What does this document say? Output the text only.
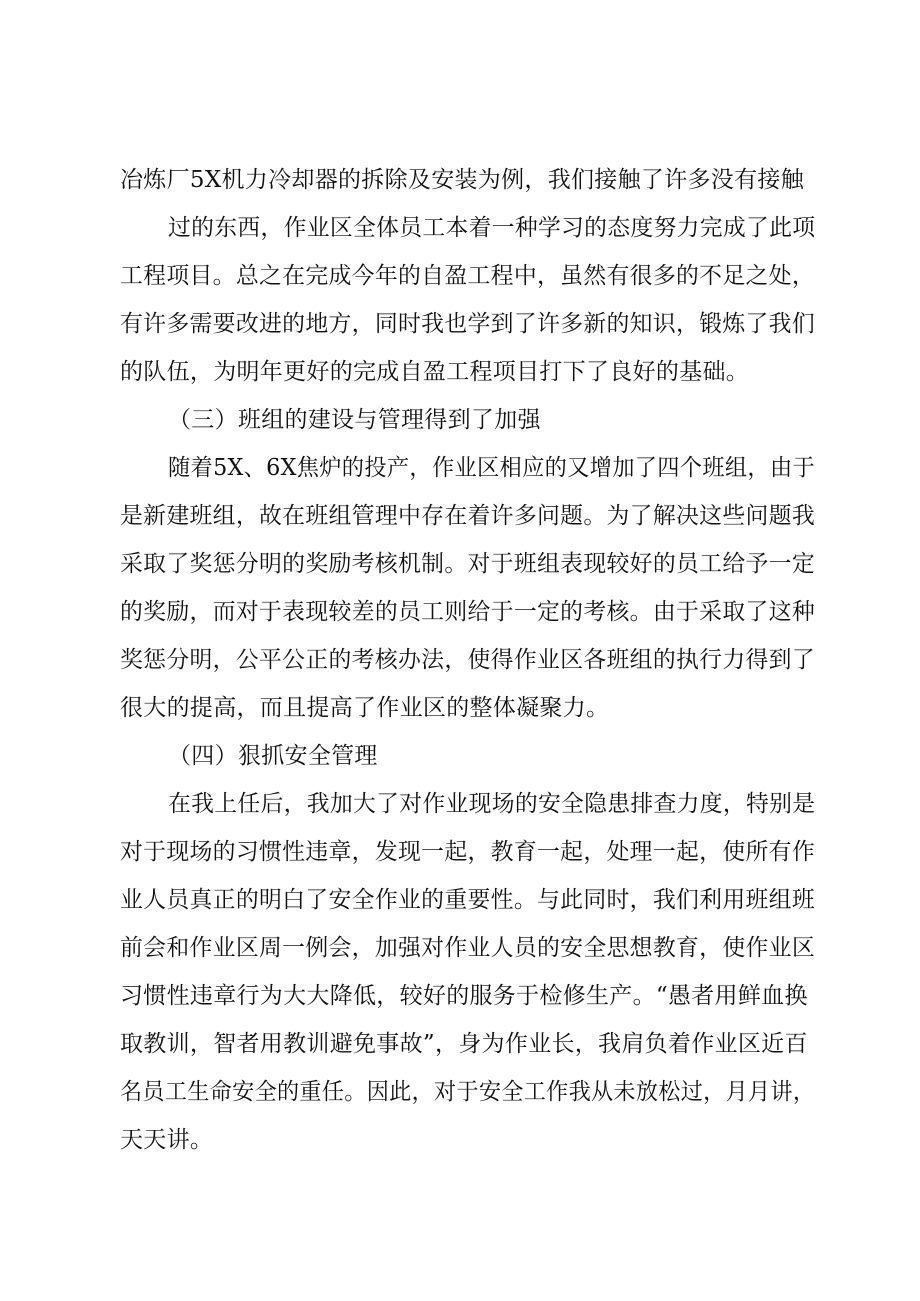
冶炼厂5X机力冷却器的拆除及安装为例，我们接触了许多没有接触
过的东西，作业区全体员工本着一种学习的态度努力完成了此项
工程项目。总之在完成今年的自盈工程中，虽然有很多的不足之处，
有许多需要改进的地方，同时我也学到了许多新的知识，锻炼了我们
的队伍，为明年更好的完成自盈工程项目打下了良好的基础。
（三）班组的建设与管理得到了加强
随着5X、6X焦炉的投产，作业区相应的又增加了四个班组，由于
是新建班组，故在班组管理中存在着许多问题。为了解决这些问题我
采取了奖惩分明的奖励考核机制。对于班组表现较好的员工给予一定
的奖励，而对于表现较差的员工则给于一定的考核。由于采取了这种
奖惩分明，公平公正的考核办法，使得作业区各班组的执行力得到了
很大的提高，而且提高了作业区的整体凝聚力。
（四）狠抓安全管理
在我上任后，我加大了对作业现场的安全隐患排查力度，特别是
对于现场的习惯性违章，发现一起，教育一起，处理一起，使所有作
业人员真正的明白了安全作业的重要性。与此同时，我们利用班组班
前会和作业区周一例会，加强对作业人员的安全思想教育，使作业区
习惯性违章行为大大降低，较好的服务于检修生产。“愚者用鲜血换
取教训，智者用教训避免事故”，身为作业长，我肩负着作业区近百
名员工生命安全的重任。因此，对于安全工作我从未放松过，月月讲，
天天讲。
